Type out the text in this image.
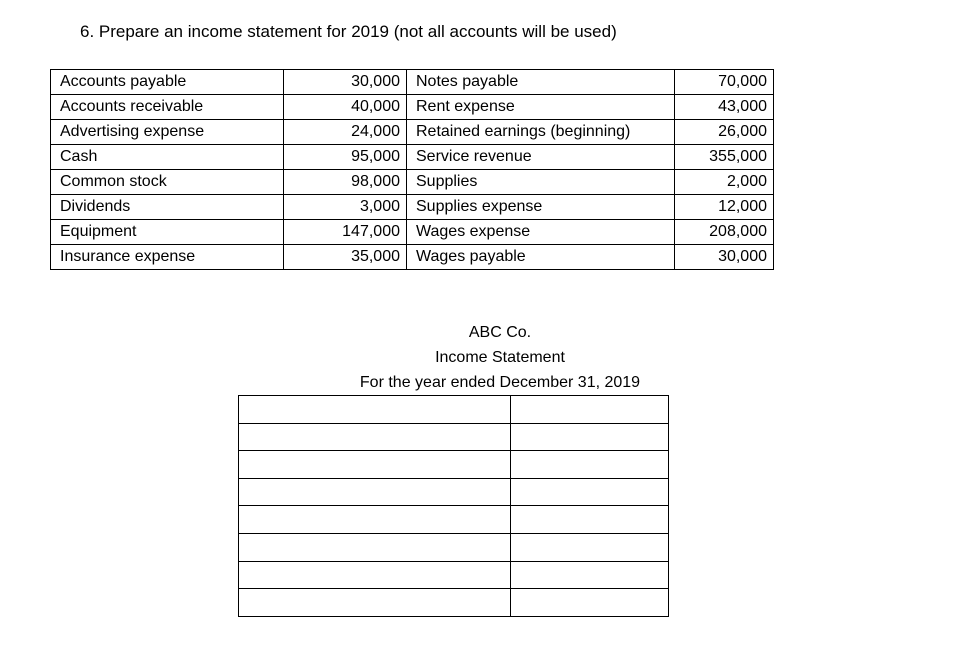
6. Prepare an income statement for 2019 (not all accounts will be used)
Accounts payable	30,000	Notes payable	70,000
Accounts receivable	40,000	Rent expense	43,000
Advertising expense	24,000	Retained earnings (beginning)	26,000
Cash	95,000	Service revenue	355,000
Common stock	98,000	Supplies	2,000
Dividends	3,000	Supplies expense	12,000
Equipment	147,000	Wages expense	208,000
Insurance expense	35,000	Wages payable	30,000
ABC Co.
Income Statement
For the year ended December 31, 2019
